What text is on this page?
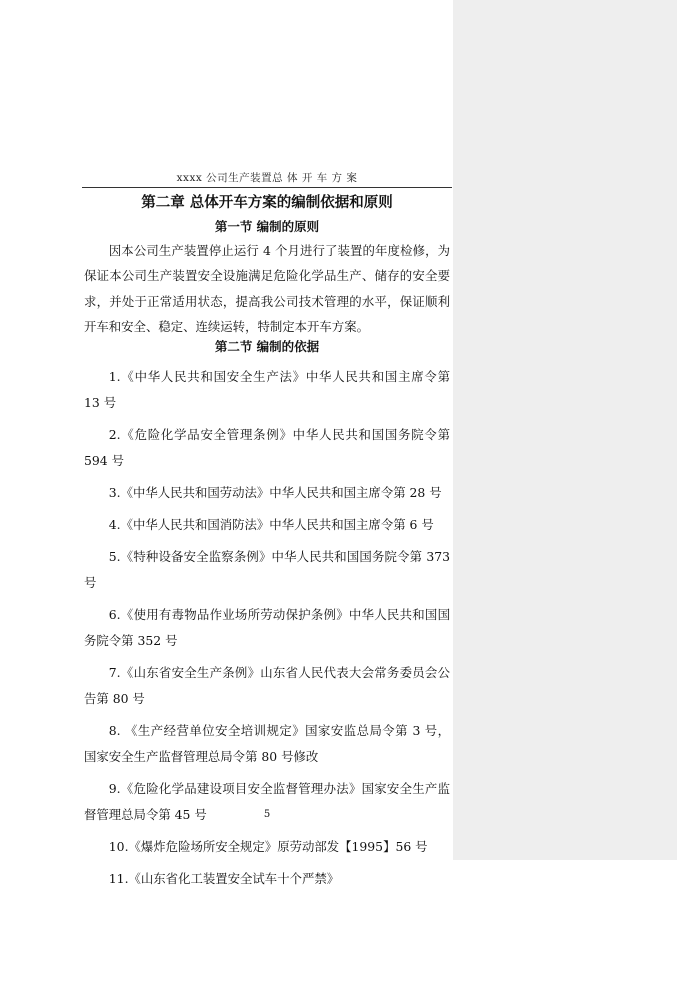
xxxx 公司生产装置总 体 开 车 方 案
第二章 总体开车方案的编制依据和原则
第一节 编制的原则
因本公司生产装置停止运行 4 个月进行了装置的年度检修，为保证本公司生产装置安全设施满足危险化学品生产、储存的安全要求，并处于正常适用状态，提高我公司技术管理的水平，保证顺利开车和安全、稳定、连续运转，特制定本开车方案。
第二节 编制的依据
1.《中华人民共和国安全生产法》中华人民共和国主席令第 13 号
2.《危险化学品安全管理条例》中华人民共和国国务院令第 594 号
3.《中华人民共和国劳动法》中华人民共和国主席令第 28 号
4.《中华人民共和国消防法》中华人民共和国主席令第 6 号
5.《特种设备安全监察条例》中华人民共和国国务院令第 373 号
6.《使用有毒物品作业场所劳动保护条例》中华人民共和国国务院令第 352 号
7.《山东省安全生产条例》山东省人民代表大会常务委员会公告第 80 号
8. 《生产经营单位安全培训规定》国家安监总局令第 3 号，国家安全生产监督管理总局令第 80 号修改
9.《危险化学品建设项目安全监督管理办法》国家安全生产监督管理总局令第 45 号
10.《爆炸危险场所安全规定》原劳动部发【1995】56 号
11.《山东省化工装置安全试车十个严禁》
5
